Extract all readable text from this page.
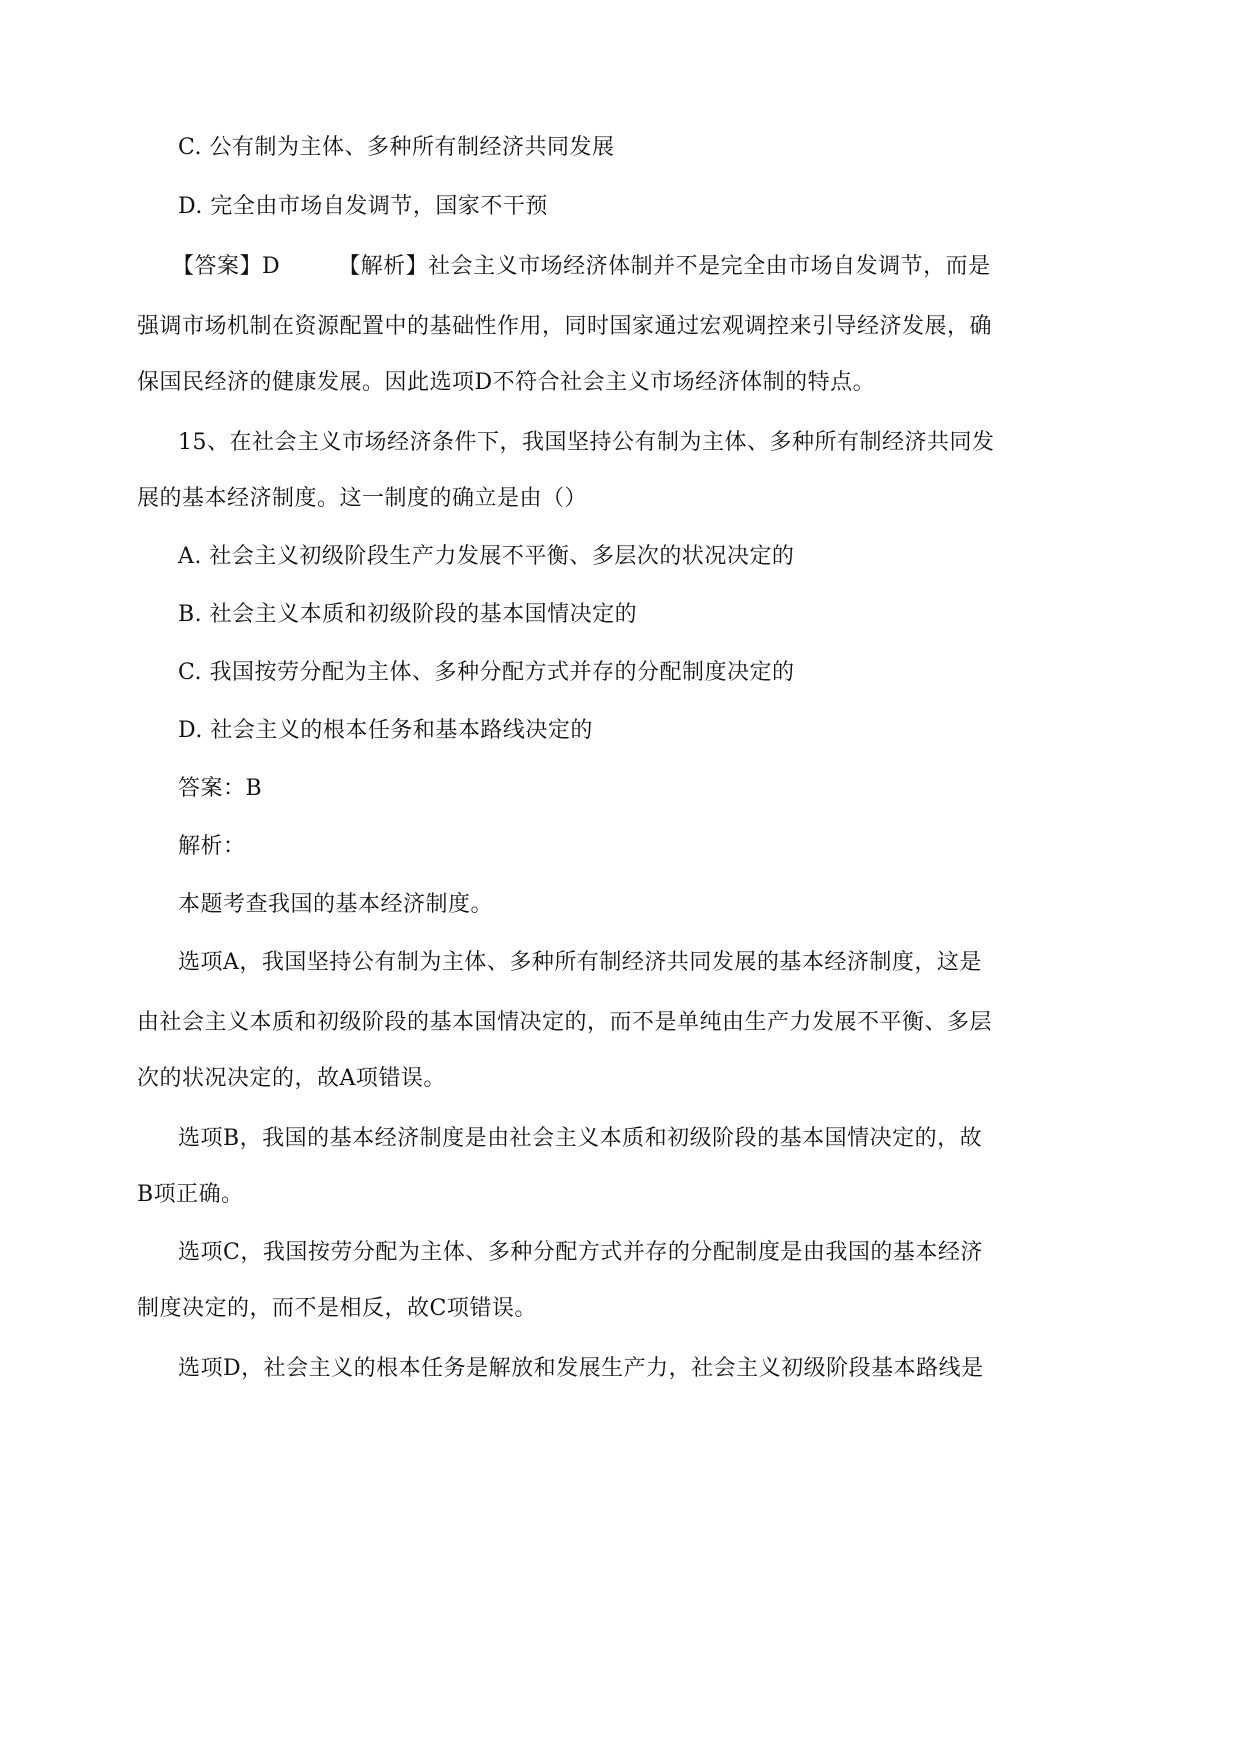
C. 公有制为主体、多种所有制经济共同发展
D. 完全由市场自发调节，国家不干预
【答案】D	【解析】社会主义市场经济体制并不是完全由市场自发调节，而是
强调市场机制在资源配置中的基础性作用，同时国家通过宏观调控来引导经济发展，确
保国民经济的健康发展。因此选项D不符合社会主义市场经济体制的特点。
15、在社会主义市场经济条件下，我国坚持公有制为主体、多种所有制经济共同发
展的基本经济制度。这一制度的确立是由（）
A. 社会主义初级阶段生产力发展不平衡、多层次的状况决定的
B. 社会主义本质和初级阶段的基本国情决定的
C. 我国按劳分配为主体、多种分配方式并存的分配制度决定的
D. 社会主义的根本任务和基本路线决定的
答案：B
解析：
本题考查我国的基本经济制度。
选项A，我国坚持公有制为主体、多种所有制经济共同发展的基本经济制度，这是
由社会主义本质和初级阶段的基本国情决定的，而不是单纯由生产力发展不平衡、多层
次的状况决定的，故A项错误。
选项B，我国的基本经济制度是由社会主义本质和初级阶段的基本国情决定的，故
B项正确。
选项C，我国按劳分配为主体、多种分配方式并存的分配制度是由我国的基本经济
制度决定的，而不是相反，故C项错误。
选项D，社会主义的根本任务是解放和发展生产力，社会主义初级阶段基本路线是
